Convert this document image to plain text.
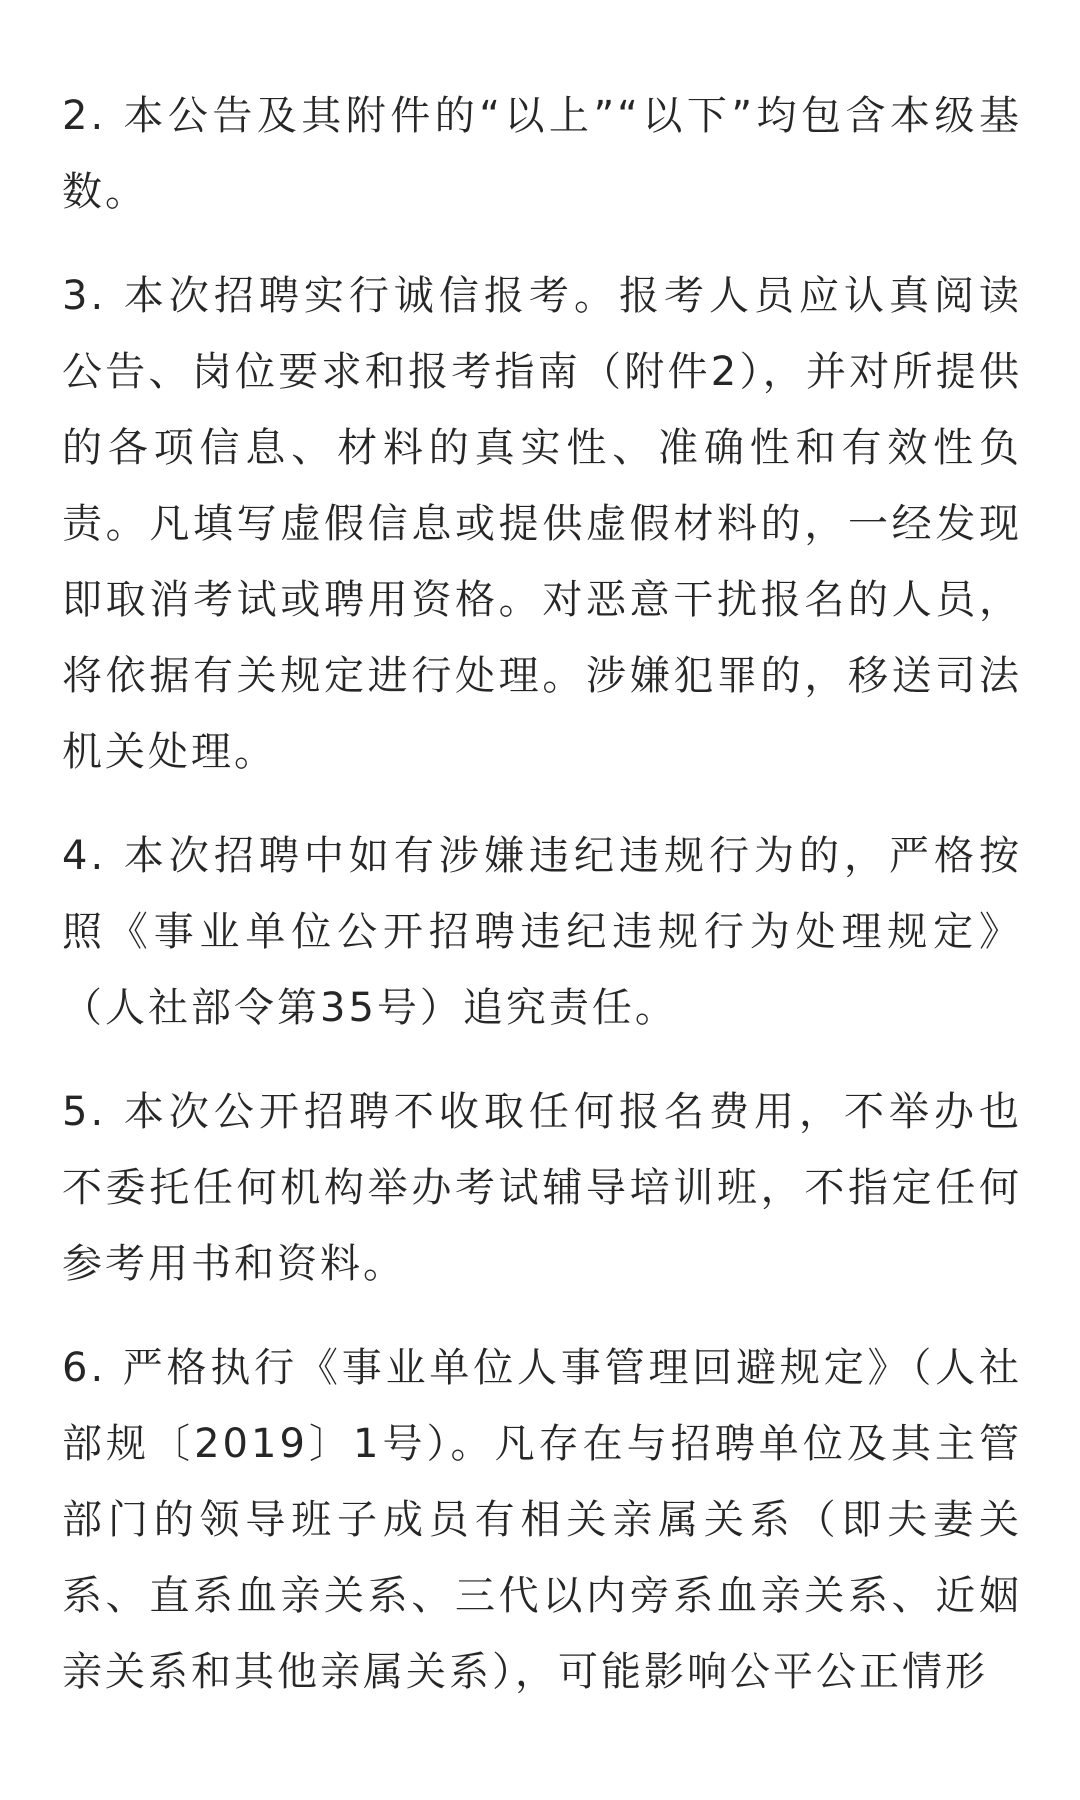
2. 本公告及其附件的“以上”“以下”均包含本级基数。

3. 本次招聘实行诚信报考。报考人员应认真阅读公告、岗位要求和报考指南（附件2），并对所提供的各项信息、材料的真实性、准确性和有效性负责。凡填写虚假信息或提供虚假材料的，一经发现即取消考试或聘用资格。对恶意干扰报名的人员，将依据有关规定进行处理。涉嫌犯罪的，移送司法机关处理。

4. 本次招聘中如有涉嫌违纪违规行为的，严格按照《事业单位公开招聘违纪违规行为处理规定》（人社部令第35号）追究责任。

5. 本次公开招聘不收取任何报名费用，不举办也不委托任何机构举办考试辅导培训班，不指定任何参考用书和资料。

6. 严格执行《事业单位人事管理回避规定》（人社部规〔2019〕1号）。凡存在与招聘单位及其主管部门的领导班子成员有相关亲属关系（即夫妻关系、直系血亲关系、三代以内旁系血亲关系、近姻亲关系和其他亲属关系），可能影响公平公正情形
